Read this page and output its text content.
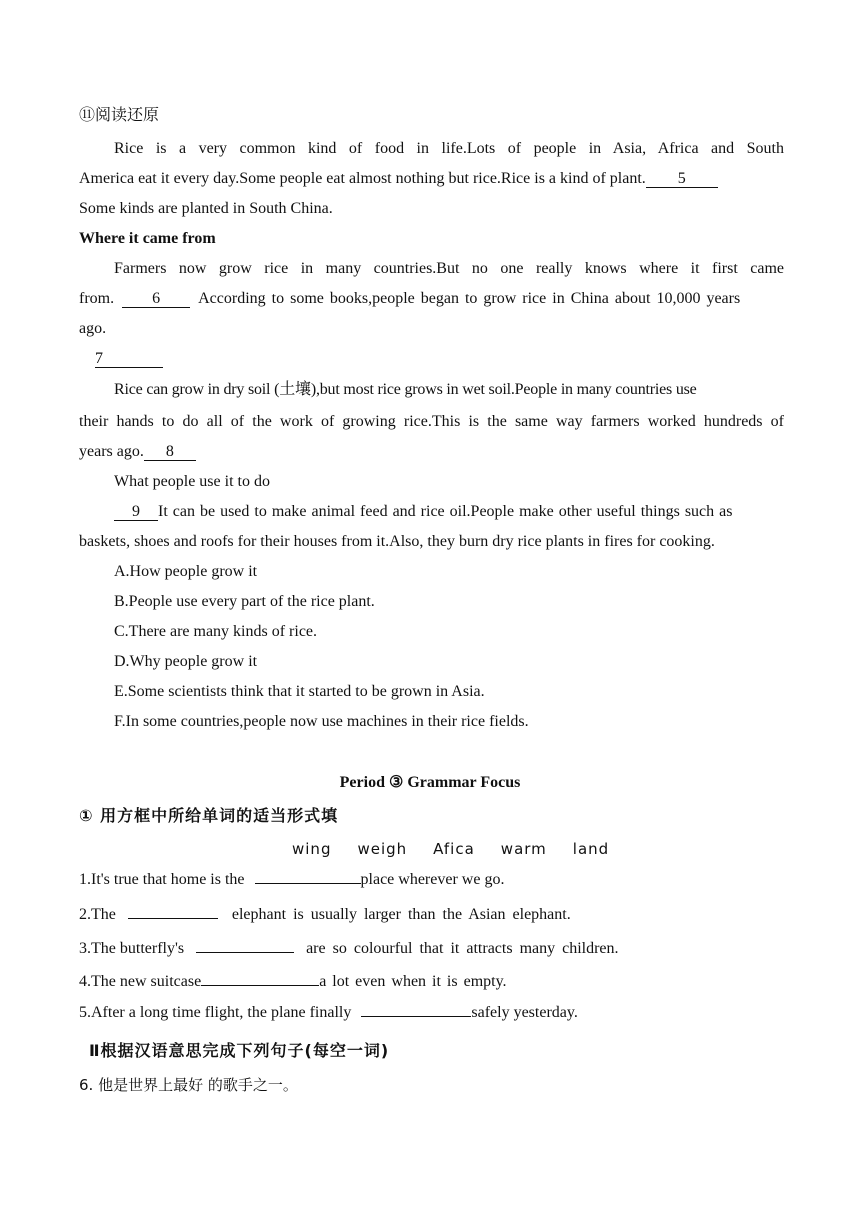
⑪阅读还原
Rice is a very common kind of food in life.Lots of people in Asia, Africa and South
America eat it every day.Some people eat almost nothing but rice.Rice is a kind of plant. 5
Some kinds are planted in South China.
Where it came from
Farmers now grow rice in many countries.But no one really knows where it first came
from. 6 According to some books,people began to grow rice in China about 10,000 years
ago.
7
Rice can grow in dry soil (土壤),but most rice grows in wet soil.People in many countries use
their hands to do all of the work of growing rice.This is the same way farmers worked hundreds of
years ago. 8
What people use it to do
9 It can be used to make animal feed and rice oil.People make other useful things such as
baskets, shoes and roofs for their houses from it.Also, they burn dry rice plants in fires for cooking.
A.How people grow it
B.People use every part of the rice plant.
C.There are many kinds of rice.
D.Why people grow it
E.Some scientists think that it started to be grown in Asia.
F.In some countries,people now use machines in their rice fields.
Period ③ Grammar Focus
① 用方框中所给单词的适当形式填
wing weigh Afica warm land
1.It's true that home is the	place wherever we go.
2.The	elephant is usually larger than the Asian elephant.
3.The butterfly's	are so colourful that it attracts many children.
4.The new suitcase	a lot even when it is empty.
5.After a long time flight, the plane finally	safely yesterday.
Ⅱ根据汉语意思完成下列句子(每空一词)
6. 他是世界上最好 的歌手之一。
